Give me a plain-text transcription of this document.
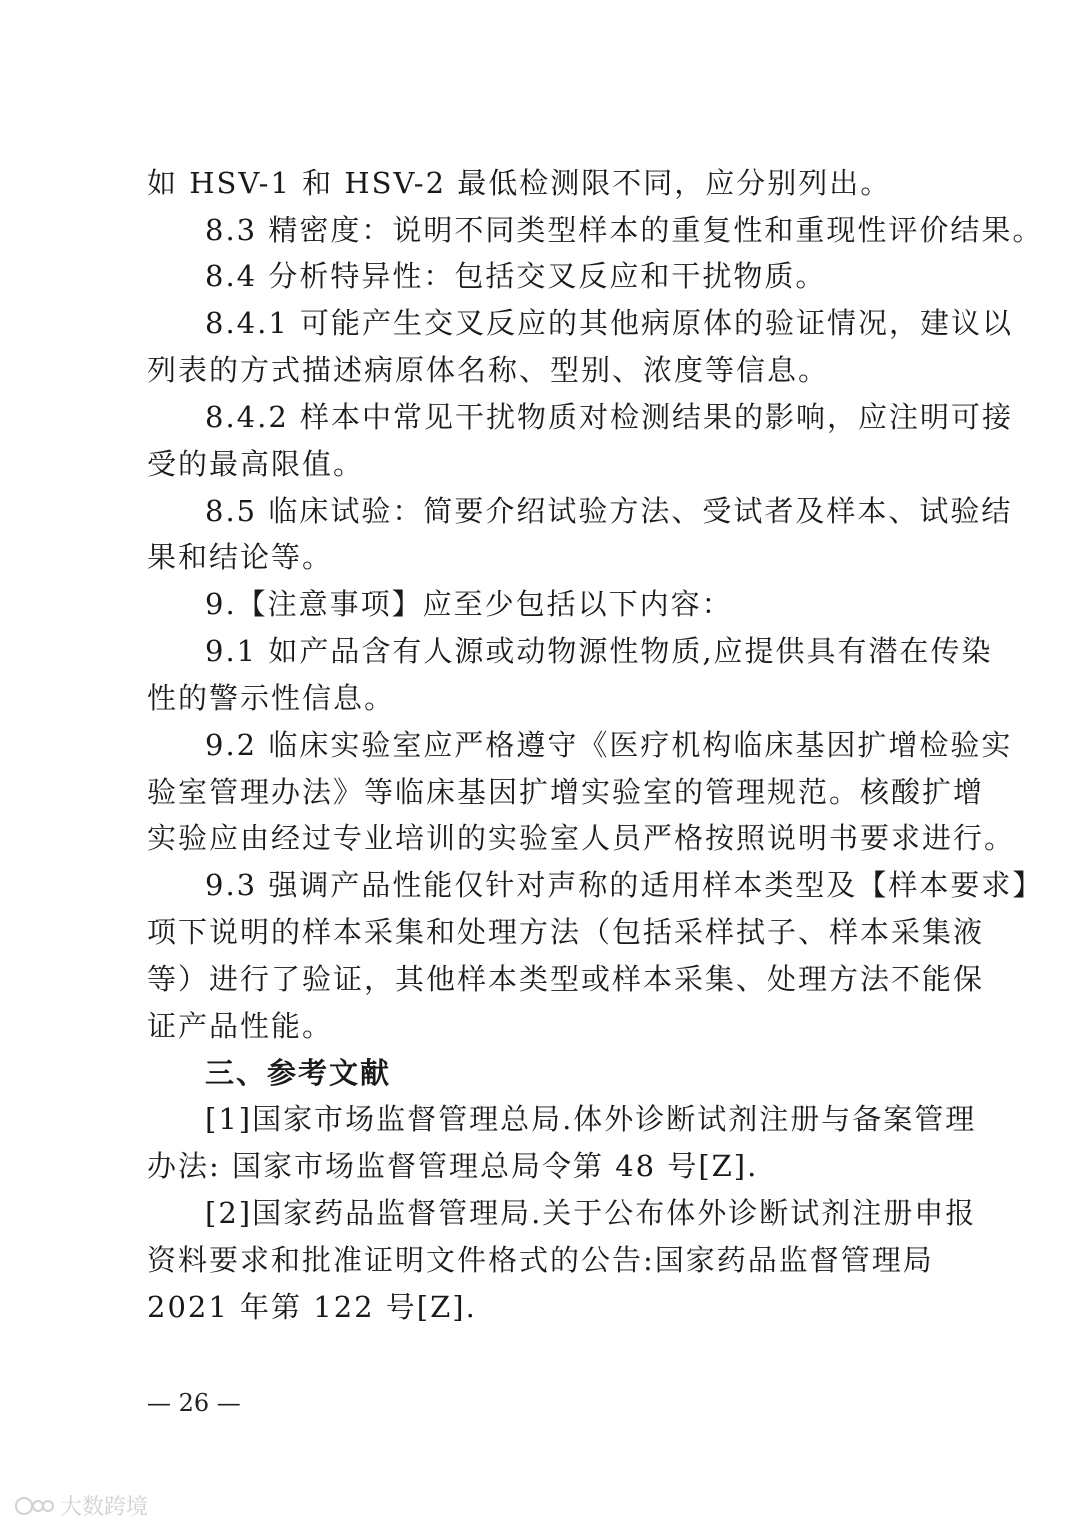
如 HSV-1 和 HSV-2 最低检测限不同，应分别列出。
8.3 精密度：说明不同类型样本的重复性和重现性评价结果。
8.4 分析特异性：包括交叉反应和干扰物质。
8.4.1 可能产生交叉反应的其他病原体的验证情况，建议以
列表的方式描述病原体名称、型别、浓度等信息。
8.4.2 样本中常见干扰物质对检测结果的影响，应注明可接
受的最高限值。
8.5 临床试验：简要介绍试验方法、受试者及样本、试验结
果和结论等。
9.【注意事项】应至少包括以下内容：
9.1 如产品含有人源或动物源性物质,应提供具有潜在传染
性的警示性信息。
9.2 临床实验室应严格遵守《医疗机构临床基因扩增检验实
验室管理办法》等临床基因扩增实验室的管理规范。核酸扩增
实验应由经过专业培训的实验室人员严格按照说明书要求进行。
9.3 强调产品性能仅针对声称的适用样本类型及【样本要求】
项下说明的样本采集和处理方法（包括采样拭子、样本采集液
等）进行了验证，其他样本类型或样本采集、处理方法不能保
证产品性能。
三、参考文献
[1]国家市场监督管理总局.体外诊断试剂注册与备案管理
办法: 国家市场监督管理总局令第 48 号[Z].
[2]国家药品监督管理局.关于公布体外诊断试剂注册申报
资料要求和批准证明文件格式的公告:国家药品监督管理局
2021 年第 122 号[Z].
— 26 —
大数跨境
